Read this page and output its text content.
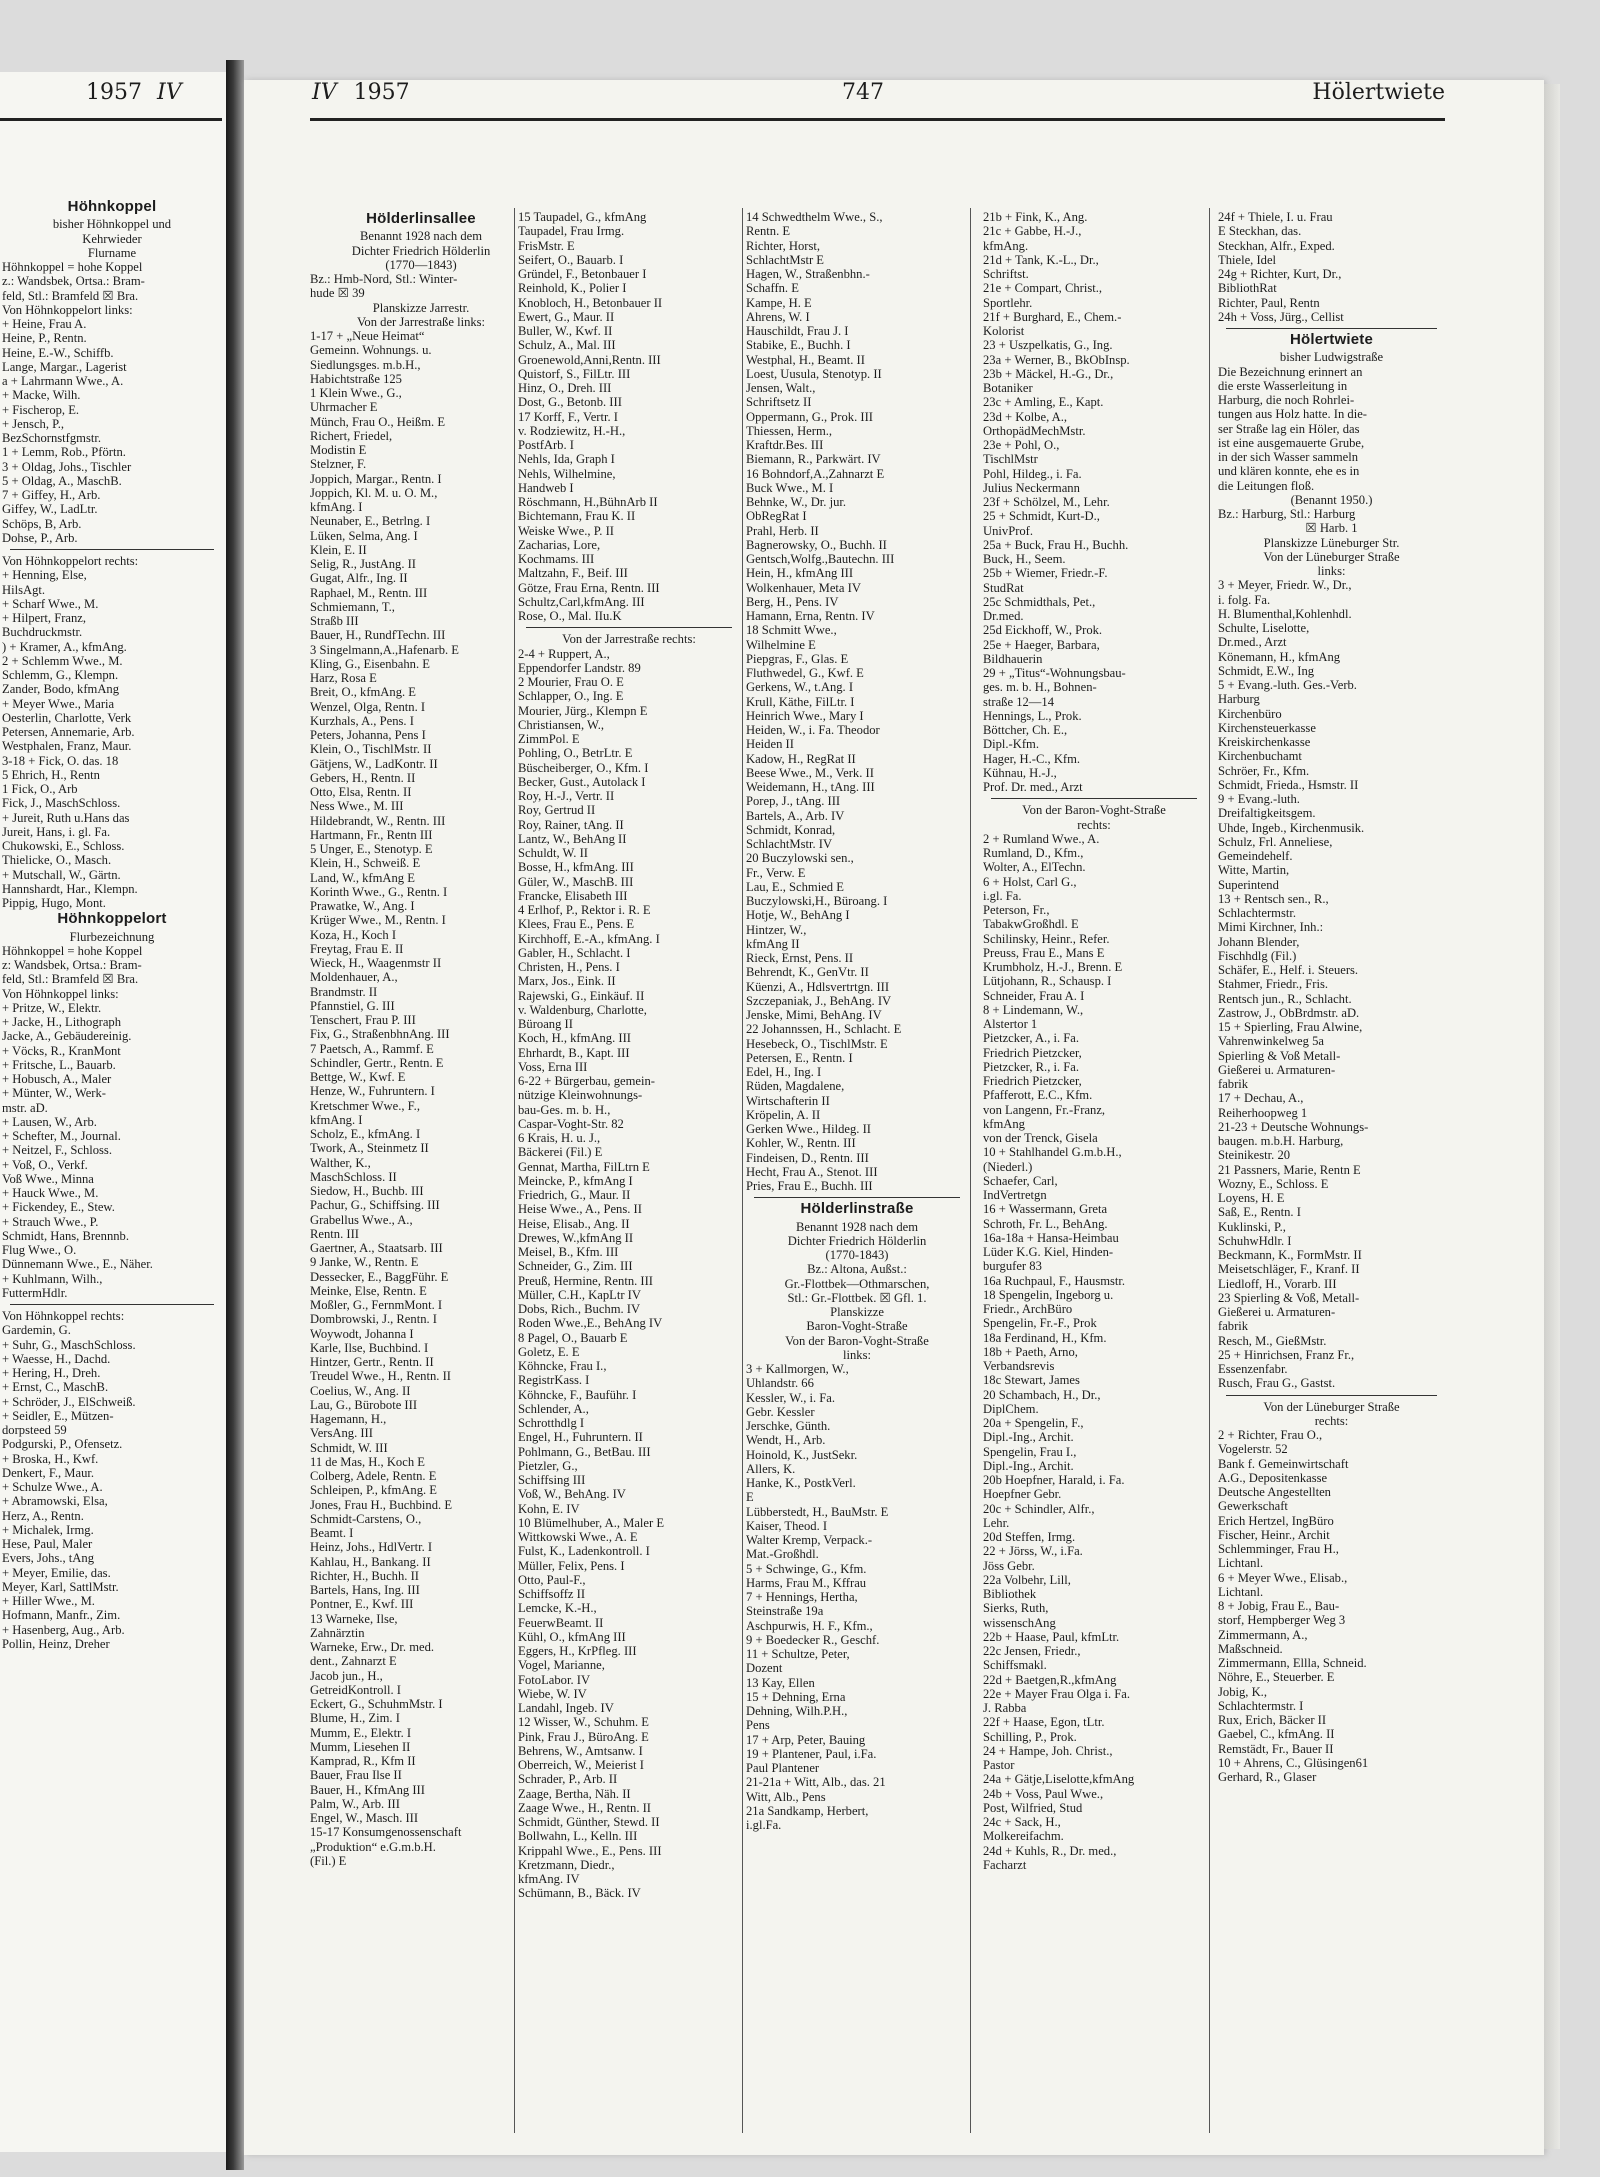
1957 IV	IV 1957	747	Hölertwiete
Höhnkoppel
bisher Höhnkoppel und
Kehrwieder
Flurname
Höhnkoppel = hohe Koppel
z.: Wandsbek, Ortsa.: Bram-
feld, Stl.: Bramfeld ☒ Bra.
Von Höhnkoppelort links:
+ Heine, Frau A.
Heine, P., Rentn.
Heine, E.-W., Schiffb.
Lange, Margar., Lagerist
a + Lahrmann Wwe., A.
+ Macke, Wilh.
+ Fischerop, E.
+ Jensch, P.,
BezSchornstfgmstr.
1 + Lemm, Rob., Pförtn.
3 + Oldag, Johs., Tischler
5 + Oldag, A., MaschB.
7 + Giffey, H., Arb.
Giffey, W., LadLtr.
Schöps, B, Arb.
Dohse, P., Arb.
Von Höhnkoppelort rechts:
+ Henning, Else,
HilsAgt.
+ Scharf Wwe., M.
+ Hilpert, Franz,
Buchdruckmstr.
) + Kramer, A., kfmAng.
2 + Schlemm Wwe., M.
Schlemm, G., Klempn.
Zander, Bodo, kfmAng
+ Meyer Wwe., Maria
Oesterlin, Charlotte, Verk
Petersen, Annemarie, Arb.
Westphalen, Franz, Maur.
3-18 + Fick, O. das. 18
5 Ehrich, H., Rentn
1 Fick, O., Arb
Fick, J., MaschSchloss.
+ Jureit, Ruth u.Hans das
Jureit, Hans, i. gl. Fa.
Chukowski, E., Schloss.
Thielicke, O., Masch.
+ Mutschall, W., Gärtn.
Hannshardt, Har., Klempn.
Pippig, Hugo, Mont.
Höhnkoppelort
Flurbezeichnung
Höhnkoppel = hohe Koppel
z: Wandsbek, Ortsa.: Bram-
feld, Stl.: Bramfeld ☒ Bra.
Von Höhnkoppel links:
+ Pritze, W., Elektr.
+ Jacke, H., Lithograph
Jacke, A., Gebäudereinig.
+ Vöcks, R., KranMont
+ Fritsche, L., Bauarb.
+ Hobusch, A., Maler
+ Münter, W., Werk-
mstr. aD.
+ Lausen, W., Arb.
+ Schefter, M., Journal.
+ Neitzel, F., Schloss.
+ Voß, O., Verkf.
Voß Wwe., Minna
+ Hauck Wwe., M.
+ Fickendey, E., Stew.
+ Strauch Wwe., P.
Schmidt, Hans, Brennnb.
Flug Wwe., O.
Dünnemann Wwe., E., Näher.
+ Kuhlmann, Wilh.,
FuttermHdlr.
Von Höhnkoppel rechts:
Gardemin, G.
+ Suhr, G., MaschSchloss.
+ Waesse, H., Dachd.
+ Hering, H., Dreh.
+ Ernst, C., MaschB.
+ Schröder, J., ElSchweiß.
+ Seidler, E., Mützen-
dorpsteed 59
Podgurski, P., Ofensetz.
+ Broska, H., Kwf.
Denkert, F., Maur.
+ Schulze Wwe., A.
+ Abramowski, Elsa,
Herz, A., Rentn.
+ Michalek, Irmg.
Hese, Paul, Maler
Evers, Johs., tAng
+ Meyer, Emilie, das.
Meyer, Karl, SattlMstr.
+ Hiller Wwe., M.
Hofmann, Manfr., Zim.
+ Hasenberg, Aug., Arb.
Pollin, Heinz, Dreher
Hölderlinsallee
Benannt 1928 nach dem
Dichter Friedrich Hölderlin
(1770—1843)
Bz.: Hmb-Nord, Stl.: Winter-
hude ☒ 39
Planskizze Jarrestr.
Von der Jarrestraße links:
1-17 + „Neue Heimat“
Gemeinn. Wohnungs. u.
Siedlungsges. m.b.H.,
Habichtstraße 125
1 Klein Wwe., G.,
Uhrmacher E
Münch, Frau O., Heißm. E
Richert, Friedel,
Modistin E
Stelzner, F.
Joppich, Margar., Rentn. I
Joppich, Kl. M. u. O. M.,
kfmAng. I
Neunaber, E., Betrlng. I
Lüken, Selma, Ang. I
Klein, E. II
Selig, R., JustAng. II
Gugat, Alfr., Ing. II
Raphael, M., Rentn. III
Schmiemann, T.,
Straßb III
Bauer, H., RundfTechn. III
3 Singelmann,A.,Hafenarb. E
Kling, G., Eisenbahn. E
Harz, Rosa E
Breit, O., kfmAng. E
Wenzel, Olga, Rentn. I
Kurzhals, A., Pens. I
Peters, Johanna, Pens I
Klein, O., TischlMstr. II
Gätjens, W., LadKontr. II
Gebers, H., Rentn. II
Otto, Elsa, Rentn. II
Ness Wwe., M. III
Hildebrandt, W., Rentn. III
Hartmann, Fr., Rentn III
5 Unger, E., Stenotyp. E
Klein, H., Schweiß. E
Land, W., kfmAng E
Korinth Wwe., G., Rentn. I
Prawatke, W., Ang. I
Krüger Wwe., M., Rentn. I
Koza, H., Koch I
Freytag, Frau E. II
Wieck, H., Waagenmstr II
Moldenhauer, A.,
Brandmstr. II
Pfannstiel, G. III
Tenschert, Frau P. III
Fix, G., StraßenbhnAng. III
7 Paetsch, A., Rammf. E
Schindler, Gertr., Rentn. E
Bettge, W., Kwf. E
Henze, W., Fuhruntern. I
Kretschmer Wwe., F.,
kfmAng. I
Scholz, E., kfmAng. I
Twork, A., Steinmetz II
Walther, K.,
MaschSchloss. II
Siedow, H., Buchb. III
Pachur, G., Schiffsing. III
Grabellus Wwe., A.,
Rentn. III
Gaertner, A., Staatsarb. III
9 Janke, W., Rentn. E
Dessecker, E., BaggFühr. E
Meinke, Else, Rentn. E
Moßler, G., FernmMont. I
Dombrowski, J., Rentn. I
Woywodt, Johanna I
Karle, Ilse, Buchbind. I
Hintzer, Gertr., Rentn. II
Treudel Wwe., H., Rentn. II
Coelius, W., Ang. II
Lau, G., Bürobote III
Hagemann, H.,
VersAng. III
Schmidt, W. III
11 de Mas, H., Koch E
Colberg, Adele, Rentn. E
Schleipen, P., kfmAng. E
Jones, Frau H., Buchbind. E
Schmidt-Carstens, O.,
Beamt. I
Heinz, Johs., HdlVertr. I
Kahlau, H., Bankang. II
Richter, H., Buchh. II
Bartels, Hans, Ing. III
Pontner, E., Kwf. III
13 Warneke, Ilse,
Zahnärztin
Warneke, Erw., Dr. med.
dent., Zahnarzt E
Jacob jun., H.,
GetreidKontroll. I
Eckert, G., SchuhmMstr. I
Blume, H., Zim. I
Mumm, E., Elektr. I
Mumm, Liesehen II
Kamprad, R., Kfm II
Bauer, Frau Ilse II
Bauer, H., KfmAng III
Palm, W., Arb. III
Engel, W., Masch. III
15-17 Konsumgenossenschaft
„Produktion“ e.G.m.b.H.
(Fil.) E
15 Taupadel, G., kfmAng
Taupadel, Frau Irmg.
FrisMstr. E
Seifert, O., Bauarb. I
Gründel, F., Betonbauer I
Reinhold, K., Polier I
Knobloch, H., Betonbauer II
Ewert, G., Maur. II
Buller, W., Kwf. II
Schulz, A., Mal. III
Groenewold,Anni,Rentn. III
Quistorf, S., FilLtr. III
Hinz, O., Dreh. III
Dost, G., Betonb. III
17 Korff, F., Vertr. I
v. Rodziewitz, H.-H.,
PostfArb. I
Nehls, Ida, Graph I
Nehls, Wilhelmine,
Handweb I
Röschmann, H.,BühnArb II
Bichtemann, Frau K. II
Weiske Wwe., P. II
Zacharias, Lore,
Kochmams. III
Maltzahn, F., Beif. III
Götze, Frau Erna, Rentn. III
Schultz,Carl,kfmAng. III
Rose, O., Mal. IIu.K
Von der Jarrestraße rechts:
2-4 + Ruppert, A.,
Eppendorfer Landstr. 89
2 Mourier, Frau O. E
Schlapper, O., Ing. E
Mourier, Jürg., Klempn E
Christiansen, W.,
ZimmPol. E
Pohling, O., BetrLtr. E
Büscheiberger, O., Kfm. I
Becker, Gust., Autolack I
Roy, H.-J., Vertr. II
Roy, Gertrud II
Roy, Rainer, tAng. II
Lantz, W., BehAng II
Schuldt, W. II
Bosse, H., kfmAng. III
Güler, W., MaschB. III
Francke, Elisabeth III
4 Erlhof, P., Rektor i. R. E
Klees, Frau E., Pens. E
Kirchhoff, E.-A., kfmAng. I
Gabler, H., Schlacht. I
Christen, H., Pens. I
Marx, Jos., Eink. II
Rajewski, G., Einkäuf. II
v. Waldenburg, Charlotte,
Büroang II
Koch, H., kfmAng. III
Ehrhardt, B., Kapt. III
Voss, Erna III
6-22 + Bürgerbau, gemein-
nützige Kleinwohnungs-
bau-Ges. m. b. H.,
Caspar-Voght-Str. 82
6 Krais, H. u. J.,
Bäckerei (Fil.) E
Gennat, Martha, FilLtrn E
Meincke, P., kfmAng I
Friedrich, G., Maur. II
Heise Wwe., A., Pens. II
Heise, Elisab., Ang. II
Drewes, W.,kfmAng II
Meisel, B., Kfm. III
Schneider, G., Zim. III
Preuß, Hermine, Rentn. III
Müller, C.H., KapLtr IV
Dobs, Rich., Buchm. IV
Roden Wwe.,E., BehAng IV
8 Pagel, O., Bauarb E
Goletz, E. E
Köhncke, Frau I.,
RegistrKass. I
Köhncke, F., Bauführ. I
Schlender, A.,
Schrotthdlg I
Engel, H., Fuhruntern. II
Pohlmann, G., BetBau. III
Pietzler, G.,
Schiffsing III
Voß, W., BehAng. IV
Kohn, E. IV
10 Blümelhuber, A., Maler E
Wittkowski Wwe., A. E
Fulst, K., Ladenkontroll. I
Müller, Felix, Pens. I
Otto, Paul-F.,
Schiffsoffz II
Lemcke, K.-H.,
FeuerwBeamt. II
Kühl, O., kfmAng III
Eggers, H., KrPfleg. III
Vogel, Marianne,
FotoLabor. IV
Wiebe, W. IV
Landahl, Ingeb. IV
12 Wisser, W., Schuhm. E
Pink, Frau J., BüroAng. E
Behrens, W., Amtsanw. I
Oberreich, W., Meierist I
Schrader, P., Arb. II
Zaage, Bertha, Näh. II
Zaage Wwe., H., Rentn. II
Schmidt, Günther, Stewd. II
Bollwahn, L., Kelln. III
Krippahl Wwe., E., Pens. III
Kretzmann, Diedr.,
kfmAng. IV
Schümann, B., Bäck. IV
14 Schwedthelm Wwe., S.,
Rentn. E
Richter, Horst,
SchlachtMstr E
Hagen, W., Straßenbhn.-
Schaffn. E
Kampe, H. E
Ahrens, W. I
Hauschildt, Frau J. I
Stabike, E., Buchh. I
Westphal, H., Beamt. II
Loest, Uusula, Stenotyp. II
Jensen, Walt.,
Schriftsetz II
Oppermann, G., Prok. III
Thiessen, Herm.,
Kraftdr.Bes. III
Biemann, R., Parkwärt. IV
16 Bohndorf,A.,Zahnarzt E
Buck Wwe., M. I
Behnke, W., Dr. jur.
ObRegRat I
Prahl, Herb. II
Bagnerowsky, O., Buchh. II
Gentsch,Wolfg.,Bautechn. III
Hein, H., kfmAng III
Wolkenhauer, Meta IV
Berg, H., Pens. IV
Hamann, Erna, Rentn. IV
18 Schmitt Wwe.,
Wilhelmine E
Piepgras, F., Glas. E
Fluthwedel, G., Kwf. E
Gerkens, W., t.Ang. I
Krull, Käthe, FilLtr. I
Heinrich Wwe., Mary I
Heiden, W., i. Fa. Theodor
Heiden II
Kadow, H., RegRat II
Beese Wwe., M., Verk. II
Weidemann, H., tAng. III
Porep, J., tAng. III
Bartels, A., Arb. IV
Schmidt, Konrad,
SchlachtMstr. IV
20 Buczylowski sen.,
Fr., Verw. E
Lau, E., Schmied E
Buczylowski,H., Büroang. I
Hotje, W., BehAng I
Hintzer, W.,
kfmAng II
Rieck, Ernst, Pens. II
Behrendt, K., GenVtr. II
Küenzi, A., Hdlsvertrtgn. III
Szczepaniak, J., BehAng. IV
Jenske, Mimi, BehAng. IV
22 Johannssen, H., Schlacht. E
Hesebeck, O., TischlMstr. E
Petersen, E., Rentn. I
Edel, H., Ing. I
Rüden, Magdalene,
Wirtschafterin II
Kröpelin, A. II
Gerken Wwe., Hildeg. II
Kohler, W., Rentn. III
Findeisen, D., Rentn. III
Hecht, Frau A., Stenot. III
Pries, Frau E., Buchh. III
Hölderlinstraße
Benannt 1928 nach dem
Dichter Friedrich Hölderlin
(1770-1843)
Bz.: Altona, Außst.:
Gr.-Flottbek—Othmarschen,
Stl.: Gr.-Flottbek. ☒ Gfl. 1.
Planskizze
Baron-Voght-Straße
Von der Baron-Voght-Straße
links:
3 + Kallmorgen, W.,
Uhlandstr. 66
Kessler, W., i. Fa.
Gebr. Kessler
Jerschke, Günth.
Wendt, H., Arb.
Hoinold, K., JustSekr.
Allers, K.
Hanke, K., PostkVerl.
E
Lübberstedt, H., BauMstr. E
Kaiser, Theod. I
Walter Kremp, Verpack.-
Mat.-Großhdl.
5 + Schwinge, G., Kfm.
Harms, Frau M., Kffrau
7 + Hennings, Hertha,
Steinstraße 19a
Aschpurwis, H. F., Kfm.,
9 + Boedecker R., Geschf.
11 + Schultze, Peter,
Dozent
13 Kay, Ellen
15 + Dehning, Erna
Dehning, Wilh.P.H.,
Pens
17 + Arp, Peter, Bauing
19 + Plantener, Paul, i.Fa.
Paul Plantener
21-21a + Witt, Alb., das. 21
Witt, Alb., Pens
21a Sandkamp, Herbert,
i.gl.Fa.
21b + Fink, K., Ang.
21c + Gabbe, H.-J.,
kfmAng.
21d + Tank, K.-L., Dr.,
Schriftst.
21e + Compart, Christ.,
Sportlehr.
21f + Burghard, E., Chem.-
Kolorist
23 + Uszpelkatis, G., Ing.
23a + Werner, B., BkObInsp.
23b + Mäckel, H.-G., Dr.,
Botaniker
23c + Amling, E., Kapt.
23d + Kolbe, A.,
OrthopädMechMstr.
23e + Pohl, O.,
TischlMstr
Pohl, Hildeg., i. Fa.
Julius Neckermann
23f + Schölzel, M., Lehr.
25 + Schmidt, Kurt-D.,
UnivProf.
25a + Buck, Frau H., Buchh.
Buck, H., Seem.
25b + Wiemer, Friedr.-F.
StudRat
25c Schmidthals, Pet.,
Dr.med.
25d Eickhoff, W., Prok.
25e + Haeger, Barbara,
Bildhauerin
29 + „Titus“-Wohnungsbau-
ges. m. b. H., Bohnen-
straße 12—14
Hennings, L., Prok.
Böttcher, Ch. E.,
Dipl.-Kfm.
Hager, H.-C., Kfm.
Kühnau, H.-J.,
Prof. Dr. med., Arzt
Von der Baron-Voght-Straße
rechts:
2 + Rumland Wwe., A.
Rumland, D., Kfm.,
Wolter, A., ElTechn.
6 + Holst, Carl G.,
i.gl. Fa.
Peterson, Fr.,
TabakwGroßhdl. E
Schilinsky, Heinr., Refer.
Preuss, Frau E., Mans E
Krumbholz, H.-J., Brenn. E
Lütjohann, R., Schausp. I
Schneider, Frau A. I
8 + Lindemann, W.,
Alstertor 1
Pietzcker, A., i. Fa.
Friedrich Pietzcker,
Pietzcker, R., i. Fa.
Friedrich Pietzcker,
Pfafferott, E.C., Kfm.
von Langenn, Fr.-Franz,
kfmAng
von der Trenck, Gisela
10 + Stahlhandel G.m.b.H.,
(Niederl.)
Schaefer, Carl,
IndVertretgn
16 + Wassermann, Greta
Schroth, Fr. L., BehAng.
16a-18a + Hansa-Heimbau
Lüder K.G. Kiel, Hinden-
burgufer 83
16a Ruchpaul, F., Hausmstr.
18 Spengelin, Ingeborg u.
Friedr., ArchBüro
Spengelin, Fr.-F., Prok
18a Ferdinand, H., Kfm.
18b + Paeth, Arno,
Verbandsrevis
18c Stewart, James
20 Schambach, H., Dr.,
DiplChem.
20a + Spengelin, F.,
Dipl.-Ing., Archit.
Spengelin, Frau I.,
Dipl.-Ing., Archit.
20b Hoepfner, Harald, i. Fa.
Hoepfner Gebr.
20c + Schindler, Alfr.,
Lehr.
20d Steffen, Irmg.
22 + Jörss, W., i.Fa.
Jöss Gebr.
22a Volbehr, Lill,
Bibliothek
Sierks, Ruth,
wissenschAng
22b + Haase, Paul, kfmLtr.
22c Jensen, Friedr.,
Schiffsmakl.
22d + Baetgen,R.,kfmAng
22e + Mayer Frau Olga i. Fa.
J. Rabba
22f + Haase, Egon, tLtr.
Schilling, P., Prok.
24 + Hampe, Joh. Christ.,
Pastor
24a + Gätje,Liselotte,kfmAng
24b + Voss, Paul Wwe.,
Post, Wilfried, Stud
24c + Sack, H.,
Molkereifachm.
24d + Kuhls, R., Dr. med.,
Facharzt
24f + Thiele, I. u. Frau
E Steckhan, das.
Steckhan, Alfr., Exped.
Thiele, Idel
24g + Richter, Kurt, Dr.,
BibliothRat
Richter, Paul, Rentn
24h + Voss, Jürg., Cellist
Hölertwiete
bisher Ludwigstraße
Die Bezeichnung erinnert an
die erste Wasserleitung in
Harburg, die noch Rohrlei-
tungen aus Holz hatte. In die-
ser Straße lag ein Höler, das
ist eine ausgemauerte Grube,
in der sich Wasser sammeln
und klären konnte, ehe es in
die Leitungen floß.
(Benannt 1950.)
Bz.: Harburg, Stl.: Harburg
☒ Harb. 1
Planskizze Lüneburger Str.
Von der Lüneburger Straße
links:
3 + Meyer, Friedr. W., Dr.,
i. folg. Fa.
H. Blumenthal,Kohlenhdl.
Schulte, Liselotte,
Dr.med., Arzt
Könemann, H., kfmAng
Schmidt, E.W., Ing
5 + Evang.-luth. Ges.-Verb.
Harburg
Kirchenbüro
Kirchensteuerkasse
Kreiskirchenkasse
Kirchenbuchamt
Schröer, Fr., Kfm.
Schmidt, Frieda., Hsmstr. II
9 + Evang.-luth.
Dreifaltigkeitsgem.
Uhde, Ingeb., Kirchenmusik.
Schulz, Frl. Anneliese,
Gemeindehelf.
Witte, Martin,
Superintend
13 + Rentsch sen., R.,
Schlachtermstr.
Mimi Kirchner, Inh.:
Johann Blender,
Fischhdlg (Fil.)
Schäfer, E., Helf. i. Steuers.
Stahmer, Friedr., Fris.
Rentsch jun., R., Schlacht.
Zastrow, J., ObBrdmstr. aD.
15 + Spierling, Frau Alwine,
Vahrenwinkelweg 5a
Spierling & Voß Metall-
Gießerei u. Armaturen-
fabrik
17 + Dechau, A.,
Reiherhoopweg 1
21-23 + Deutsche Wohnungs-
baugen. m.b.H. Harburg,
Steinikestr. 20
21 Passners, Marie, Rentn E
Wozny, E., Schloss. E
Loyens, H. E
Saß, E., Rentn. I
Kuklinski, P.,
SchuhwHdlr. I
Beckmann, K., FormMstr. II
Meisetschläger, F., Kranf. II
Liedloff, H., Vorarb. III
23 Spierling & Voß, Metall-
Gießerei u. Armaturen-
fabrik
Resch, M., GießMstr.
25 + Hinrichsen, Franz Fr.,
Essenzenfabr.
Rusch, Frau G., Gastst.
Von der Lüneburger Straße
rechts:
2 + Richter, Frau O.,
Vogelerstr. 52
Bank f. Gemeinwirtschaft
A.G., Depositenkasse
Deutsche Angestellten
Gewerkschaft
Erich Hertzel, IngBüro
Fischer, Heinr., Archit
Schlemminger, Frau H.,
Lichtanl.
6 + Meyer Wwe., Elisab.,
Lichtanl.
8 + Jobig, Frau E., Bau-
storf, Hempberger Weg 3
Zimmermann, A.,
Maßschneid.
Zimmermann, Ellla, Schneid.
Nöhre, E., Steuerber. E
Jobig, K.,
Schlachtermstr. I
Rux, Erich, Bäcker II
Gaebel, C., kfmAng. II
Remstädt, Fr., Bauer II
10 + Ahrens, C., Glüsingen61
Gerhard, R., Glaser
